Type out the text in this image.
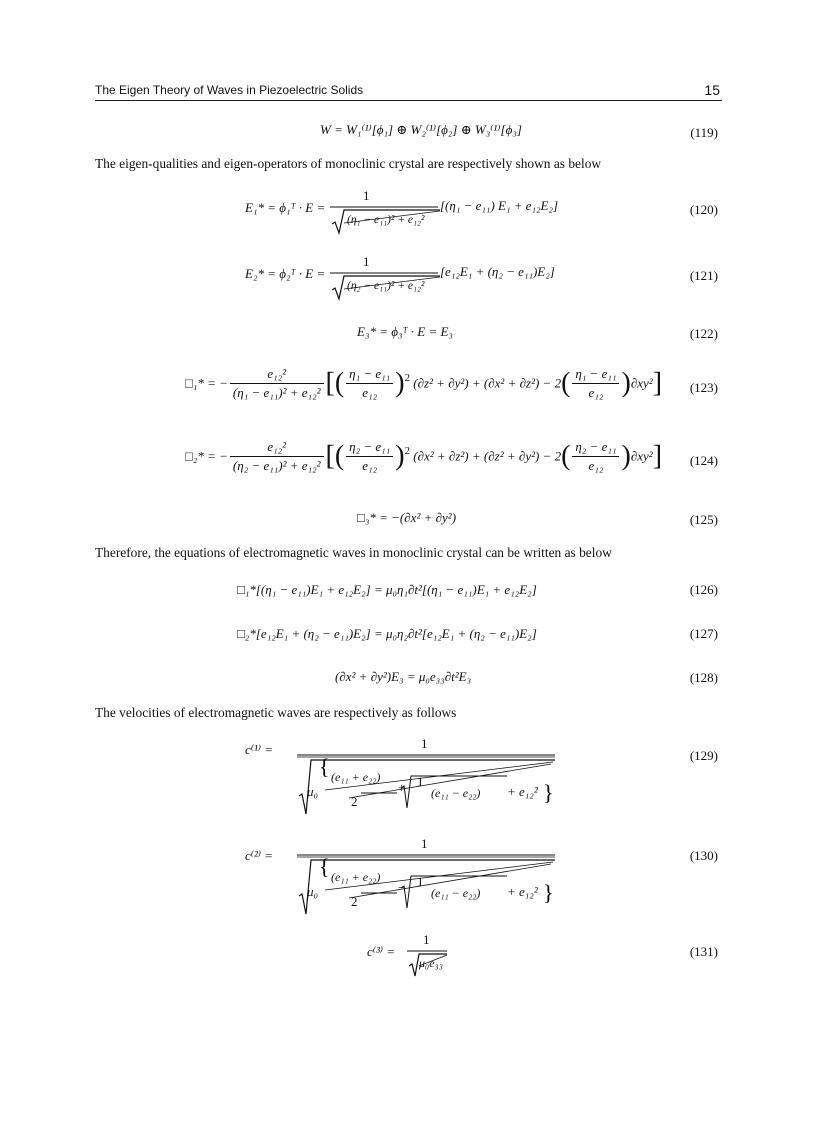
The Eigen Theory of Waves in Piezoelectric Solids	15
W = W₁⁽¹⁾[ϕ₁] ⊕ W₂⁽¹⁾[ϕ₂] ⊕ W₃⁽¹⁾[ϕ₃]	(119)
The eigen-qualities and eigen-operators of monoclinic crystal are respectively shown as below
E₁* = ϕ₁ᵀ · E =
1
(η₁ − e₁₁)² + e₁₂²
[(η₁ − e₁₁) E₁ + e₁₂E₂]	(120)
E₂* = ϕ₂ᵀ · E =
1
(η₂ − e₁₁)² + e₁₂²
[e₁₂E₁ + (η₂ − e₁₁)E₂]	(121)
E₃* = ϕ₃ᵀ · E = E₃	(122)
□₁* = − $\frac{\text{e₁₂²}}{\text{(η₁ − e₁₁)² + e₁₂²}}$ [( $\frac{\text{η₁ − e₁₁}}{\text{e₁₂}} )^2$ $(\partial z^2 + \partial y^2) + (\partial x^2 + \partial z^2) - 2( \frac{\text{η₁ − e₁₁}}{\text{e₁₂}} )\partial xy^2$] (123)
□₂* = − $\frac{\text{e₁₂²}}{\text{(η₂ − e₁₁)² + e₁₂²}}$ [( $\frac{\text{η₂ − e₁₁}}{\text{e₁₂}} )^2$ $(\partial x^2 + \partial z^2) + (\partial z^2 + \partial y^2) - 2( \frac{\text{η₂ − e₁₁}}{\text{e₁₂}} )\partial xy^2$] (124)
□₃* = −(∂x² + ∂y²)	(125)
Therefore, the equations of electromagnetic waves in monoclinic crystal can be written as below
□₁*[(η₁ − e₁₁)E₁ + e₁₂E₂] = μ₀η₁∂t²[(η₁ − e₁₁)E₁ + e₁₂E₂]	(126)
□₂*[e₁₂E₁ + (η₂ − e₁₁)E₂] = μ₀η₂∂t²[e₁₂E₁ + (η₂ − e₁₁)E₂]	(127)
(∂x² + ∂y²)E₃ = μ₀e₃₃∂t²E₃	(128)
The velocities of electromagnetic waves are respectively as follows
c⁽¹⁾ =	1
{
}
μ₀
(e₁₁ + e₂₂)
2
+ 1
(e₁₁ − e₂₂) + e₁₂²
(129)
c⁽²⁾ =
1
{
}
μ₀
(e₁₁ + e₂₂)
2
− 1
(e₁₁ − e₂₂) + e₁₂²
(130)
c⁽³⁾ =
1
μ₀e₃₃
(131)
